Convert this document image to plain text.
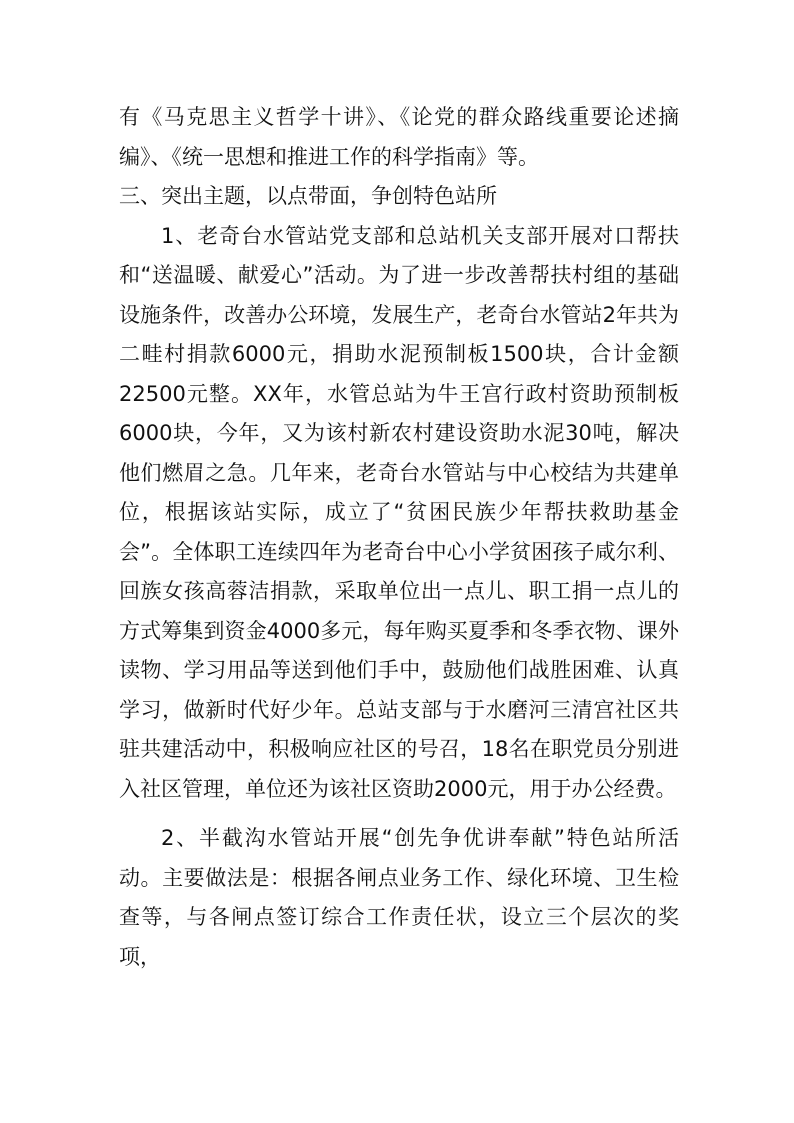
有《马克思主义哲学十讲》、《论党的群众路线重要论述摘编》、《统一思想和推进工作的科学指南》等。

三、突出主题，以点带面，争创特色站所

1、老奇台水管站党支部和总站机关支部开展对口帮扶和“送温暖、献爱心”活动。为了进一步改善帮扶村组的基础设施条件，改善办公环境，发展生产，老奇台水管站2年共为二畦村捐款6000元，捐助水泥预制板1500块，合计金额22500元整。XX年，水管总站为牛王宫行政村资助预制板6000块，今年，又为该村新农村建设资助水泥30吨，解决他们燃眉之急。几年来，老奇台水管站与中心校结为共建单位，根据该站实际，成立了“贫困民族少年帮扶救助基金会”。全体职工连续四年为老奇台中心小学贫困孩子咸尔利、回族女孩高蓉洁捐款，采取单位出一点儿、职工捐一点儿的方式筹集到资金4000多元，每年购买夏季和冬季衣物、课外读物、学习用品等送到他们手中，鼓励他们战胜困难、认真学习，做新时代好少年。总站支部与于水磨河三清宫社区共驻共建活动中，积极响应社区的号召，18名在职党员分别进入社区管理，单位还为该社区资助2000元，用于办公经费。

2、半截沟水管站开展“创先争优讲奉献”特色站所活动。主要做法是：根据各闸点业务工作、绿化环境、卫生检查等，与各闸点签订综合工作责任状，设立三个层次的奖项，
